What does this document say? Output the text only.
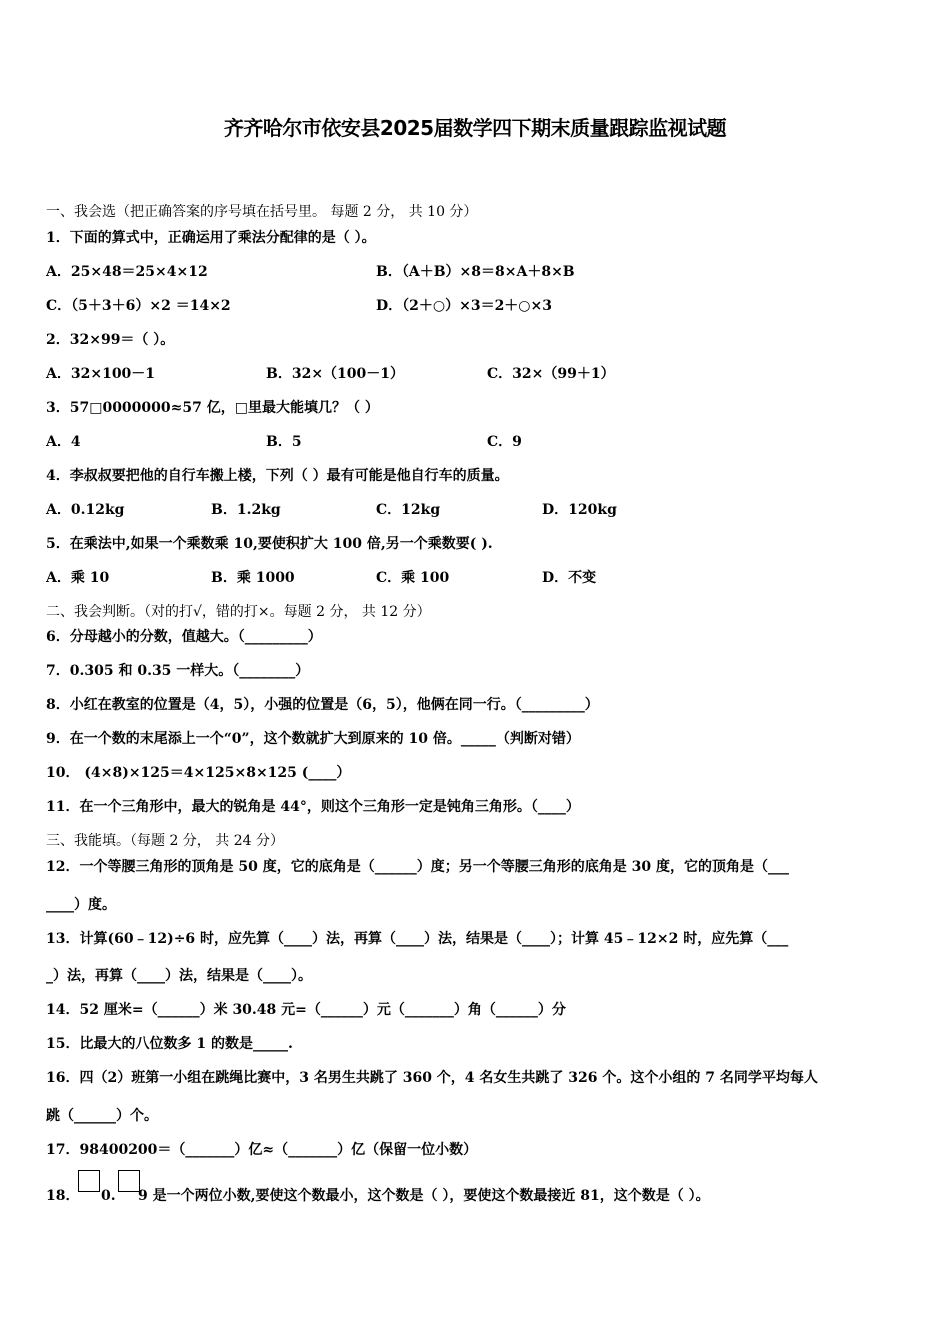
齐齐哈尔市依安县2025届数学四下期末质量跟踪监视试题
一、我会选（把正确答案的序号填在括号里。 每题 2 分， 共 10 分）
1．下面的算式中，正确运用了乘法分配律的是（ ）。
A．25×48＝25×4×12	B．（A＋B）×8＝8×A＋8×B
C．（5＋3＋6）×2 ＝14×2	D．（2＋○）×3＝2＋○×3
2．32×99＝（ ）。
A．32×100－1	B．32×（100－1）	C．32×（99＋1）
3．57□0000000≈57 亿，□里最大能填几？（ ）
A．4	B．5	C．9
4．李叔叔要把他的自行车搬上楼，下列（ ）最有可能是他自行车的质量。
A．0.12kg	B．1.2kg	C．12kg	D．120kg
5．在乘法中,如果一个乘数乘 10,要使积扩大 100 倍,另一个乘数要( ).
A．乘 10	B．乘 1000	C．乘 100	D．不变
二、我会判断。（对的打√，错的打×。每题 2 分， 共 12 分）
6．分母越小的分数，值越大。（_________）
7．0.305 和 0.35 一样大。（________）
8．小红在教室的位置是（4，5），小强的位置是（6，5），他俩在同一行。（_________）
9．在一个数的末尾添上一个“0”，这个数就扩大到原来的 10 倍。_____（判断对错）
10． (4×8)×125＝4×125×8×125 (____）
11．在一个三角形中，最大的锐角是 44°，则这个三角形一定是钝角三角形。（____）
三、我能填。（每题 2 分， 共 24 分）
12．一个等腰三角形的顶角是 50 度，它的底角是（______）度；另一个等腰三角形的底角是 30 度，它的顶角是（___
____）度。
13．计算(60﹣12)÷6 时，应先算（____）法，再算（____）法，结果是（____）；计算 45﹣12×2 时，应先算（___
_）法，再算（____）法，结果是（____）。
14．52 厘米=（______）米 30.48 元=（______）元（_______）角（______）分
15．比最大的八位数多 1 的数是_____.
16．四（2）班第一小组在跳绳比赛中，3 名男生共跳了 360 个，4 名女生共跳了 326 个。这个小组的 7 名同学平均每人
跳（______）个。
17．98400200＝（_______）亿≈（_______）亿（保留一位小数）
18． 0. 9 是一个两位小数,要使这个数最小，这个数是（ ），要使这个数最接近 81，这个数是（ ）。
